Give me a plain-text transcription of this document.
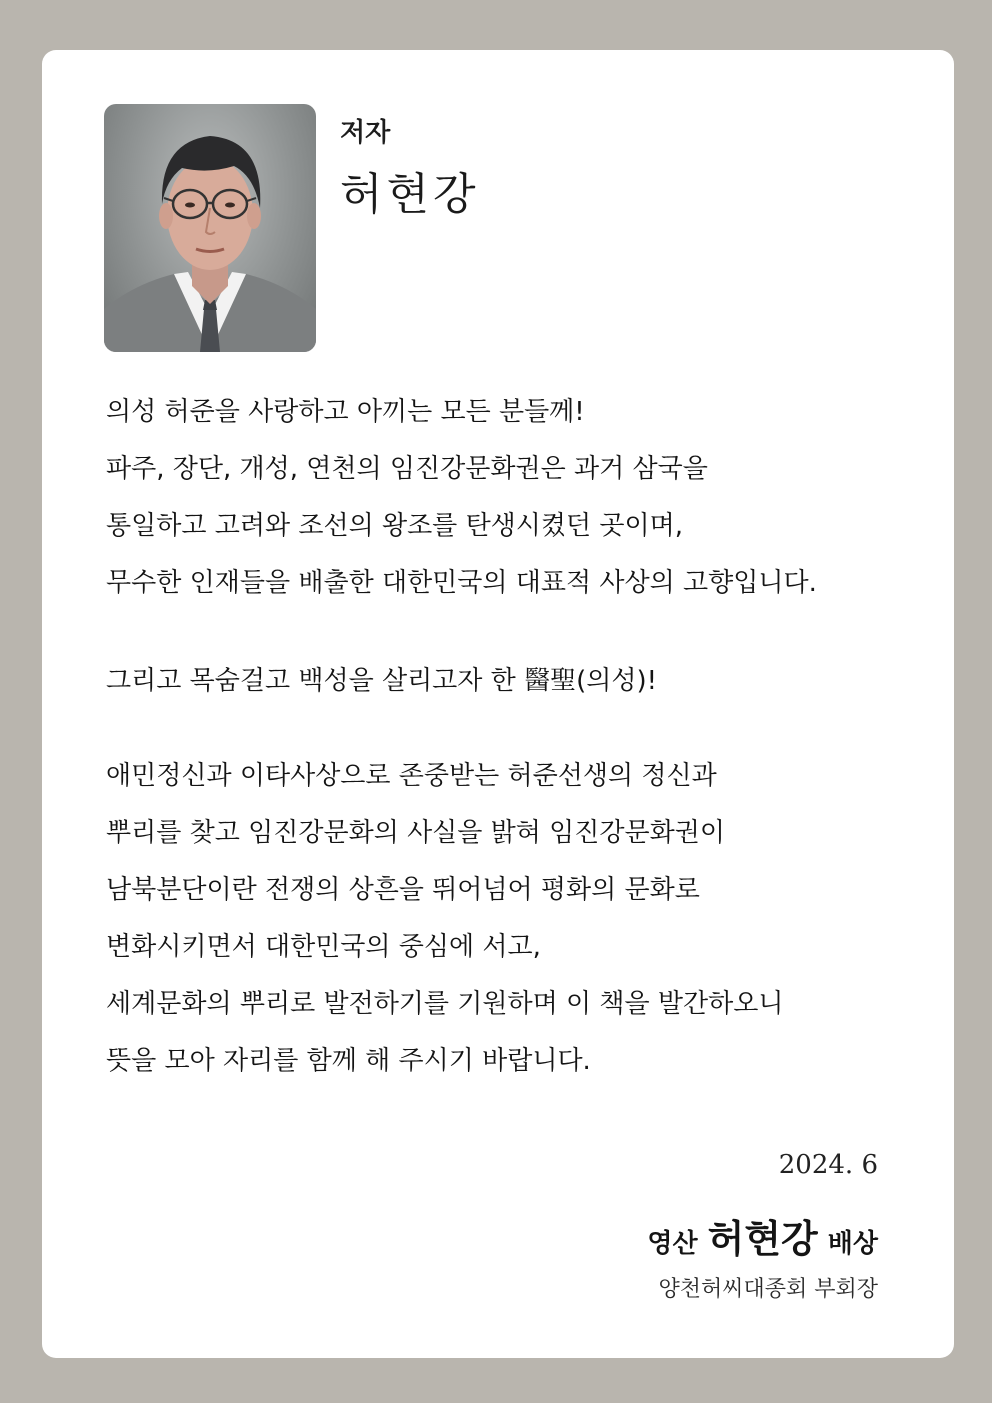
저자
허현강

의성 허준을 사랑하고 아끼는 모든 분들께!
파주, 장단, 개성, 연천의 임진강문화권은 과거 삼국을
통일하고 고려와 조선의 왕조를 탄생시켰던 곳이며,
무수한 인재들을 배출한 대한민국의 대표적 사상의 고향입니다.

그리고 목숨걸고 백성을 살리고자 한 醫聖(의성)!

애민정신과 이타사상으로 존중받는 허준선생의 정신과
뿌리를 찾고 임진강문화의 사실을 밝혀 임진강문화권이
남북분단이란 전쟁의 상흔을 뛰어넘어 평화의 문화로
변화시키면서 대한민국의 중심에 서고,
세계문화의 뿌리로 발전하기를 기원하며 이 책을 발간하오니
뜻을 모아 자리를 함께 해 주시기 바랍니다.

2024. 6
영산 허현강 배상
양천허씨대종회 부회장
